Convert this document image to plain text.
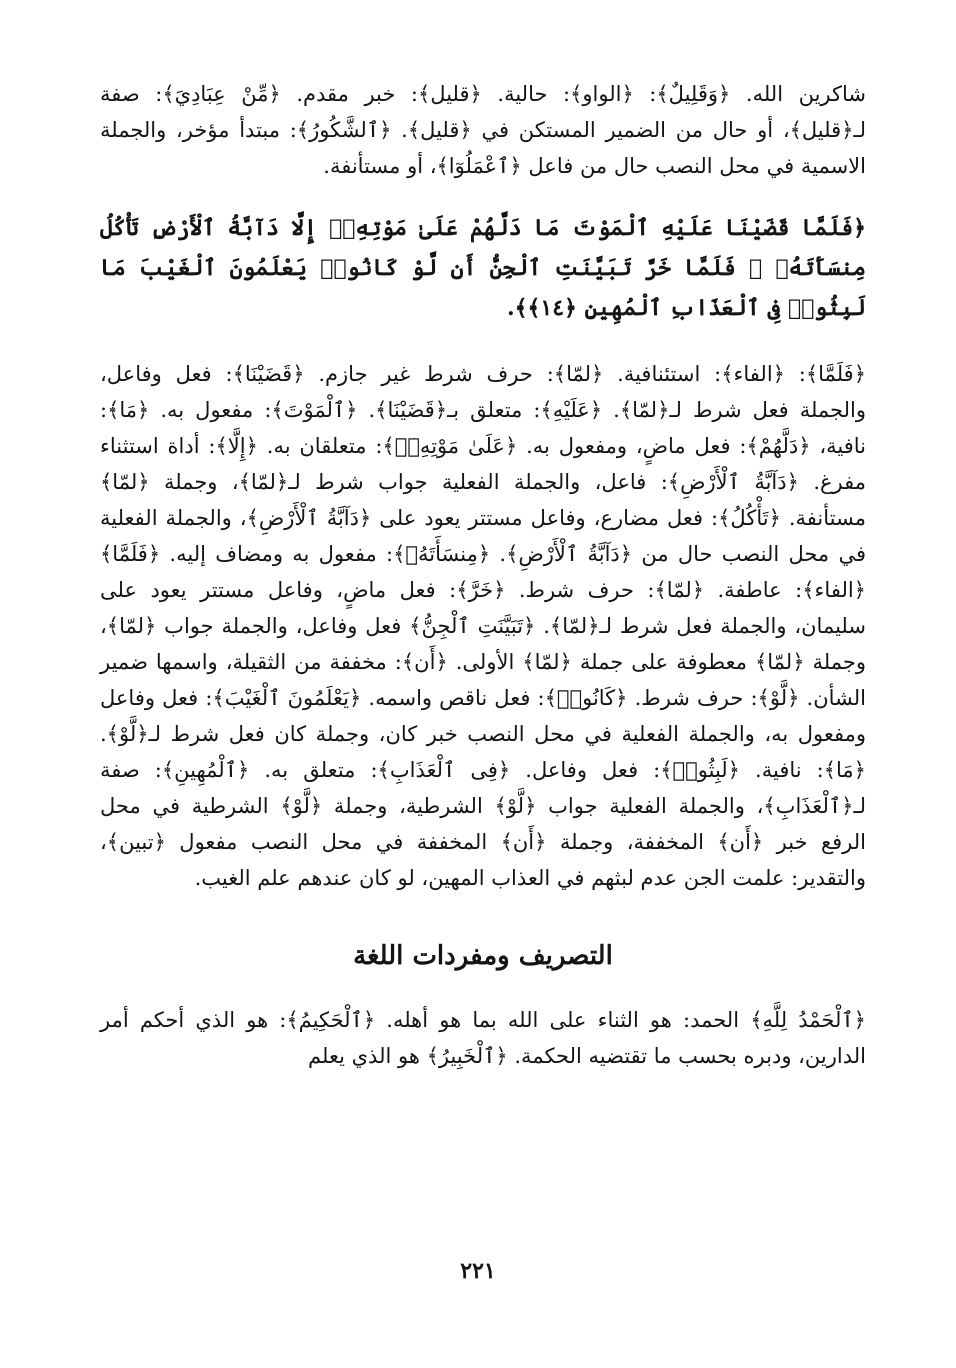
شاكرين الله. ﴿وَقَلِيلٌ﴾: ﴿الواو﴾: حالية. ﴿قليل﴾: خبر مقدم. ﴿مِّنْ عِبَادِيَ﴾: صفة لـ﴿قليل﴾، أو حال من الضمير المستكن في ﴿قليل﴾. ﴿ٱلشَّكُورُ﴾: مبتدأ مؤخر، والجملة الاسمية في محل النصب حال من فاعل ﴿ٱعْمَلُوٓا﴾، أو مستأنفة.

﴿فَلَمَّا قَضَيْنَا عَلَيْهِ ٱلْمَوْتَ مَا دَلَّهُمْ عَلَىٰ مَوْتِهِۦٓ إِلَّا دَآبَّةُ ٱلْأَرْضِ تَأْكُلُ مِنسَأَتَهُۥ ۖ فَلَمَّا خَرَّ تَبَيَّنَتِ ٱلْجِنُّ أَن لَّوْ كَانُوا۟ يَعْلَمُونَ ٱلْغَيْبَ مَا لَبِثُوا۟ فِى ٱلْعَذَابِ ٱلْمُهِينِ ﴿١٤﴾﴾.

﴿فَلَمَّا﴾: ﴿الفاء﴾: استئنافية. ﴿لمّا﴾: حرف شرط غير جازم. ﴿قَضَيْنَا﴾: فعل وفاعل، والجملة فعل شرط لـ﴿لمّا﴾. ﴿عَلَيْهِ﴾: متعلق بـ﴿قَضَيْنَا﴾. ﴿ٱلْمَوْتَ﴾: مفعول به. ﴿مَا﴾: نافية، ﴿دَلَّهُمْ﴾: فعل ماضٍ، ومفعول به. ﴿عَلَىٰ مَوْتِهِۦٓ﴾: متعلقان به. ﴿إِلَّا﴾: أداة استثناء مفرغ. ﴿دَآبَّةُ ٱلْأَرْضِ﴾: فاعل، والجملة الفعلية جواب شرط لـ﴿لمّا﴾، وجملة ﴿لمّا﴾ مستأنفة. ﴿تَأْكُلُ﴾: فعل مضارع، وفاعل مستتر يعود على ﴿دَآبَّةُ ٱلْأَرْضِ﴾، والجملة الفعلية في محل النصب حال من ﴿دَآبَّةُ ٱلْأَرْضِ﴾. ﴿مِنسَأَتَهُۥ﴾: مفعول به ومضاف إليه. ﴿فَلَمَّا﴾ ﴿الفاء﴾: عاطفة. ﴿لمّا﴾: حرف شرط. ﴿خَرَّ﴾: فعل ماضٍ، وفاعل مستتر يعود على سليمان، والجملة فعل شرط لـ﴿لمّا﴾. ﴿تَبَيَّنَتِ ٱلْجِنُّ﴾ فعل وفاعل، والجملة جواب ﴿لمّا﴾، وجملة ﴿لمّا﴾ معطوفة على جملة ﴿لمّا﴾ الأولى. ﴿أَن﴾: مخففة من الثقيلة، واسمها ضمير الشأن. ﴿لَّوْ﴾: حرف شرط. ﴿كَانُوا۟﴾: فعل ناقص واسمه. ﴿يَعْلَمُونَ ٱلْغَيْبَ﴾: فعل وفاعل ومفعول به، والجملة الفعلية في محل النصب خبر كان، وجملة كان فعل شرط لـ﴿لَّوْ﴾. ﴿مَا﴾: نافية. ﴿لَبِثُوا۟﴾: فعل وفاعل. ﴿فِى ٱلْعَذَابِ﴾: متعلق به. ﴿ٱلْمُهِينِ﴾: صفة لـ﴿ٱلْعَذَابِ﴾، والجملة الفعلية جواب ﴿لَّوْ﴾ الشرطية، وجملة ﴿لَّوْ﴾ الشرطية في محل الرفع خبر ﴿أَن﴾ المخففة، وجملة ﴿أَن﴾ المخففة في محل النصب مفعول ﴿تبين﴾، والتقدير: علمت الجن عدم لبثهم في العذاب المهين، لو كان عندهم علم الغيب.

التصريف ومفردات اللغة

﴿ٱلْحَمْدُ لِلَّهِ﴾ الحمد: هو الثناء على الله بما هو أهله. ﴿ٱلْحَكِيمُ﴾: هو الذي أحكم أمر الدارين، ودبره بحسب ما تقتضيه الحكمة. ﴿ٱلْخَبِيرُ﴾ هو الذي يعلم

٢٢١
